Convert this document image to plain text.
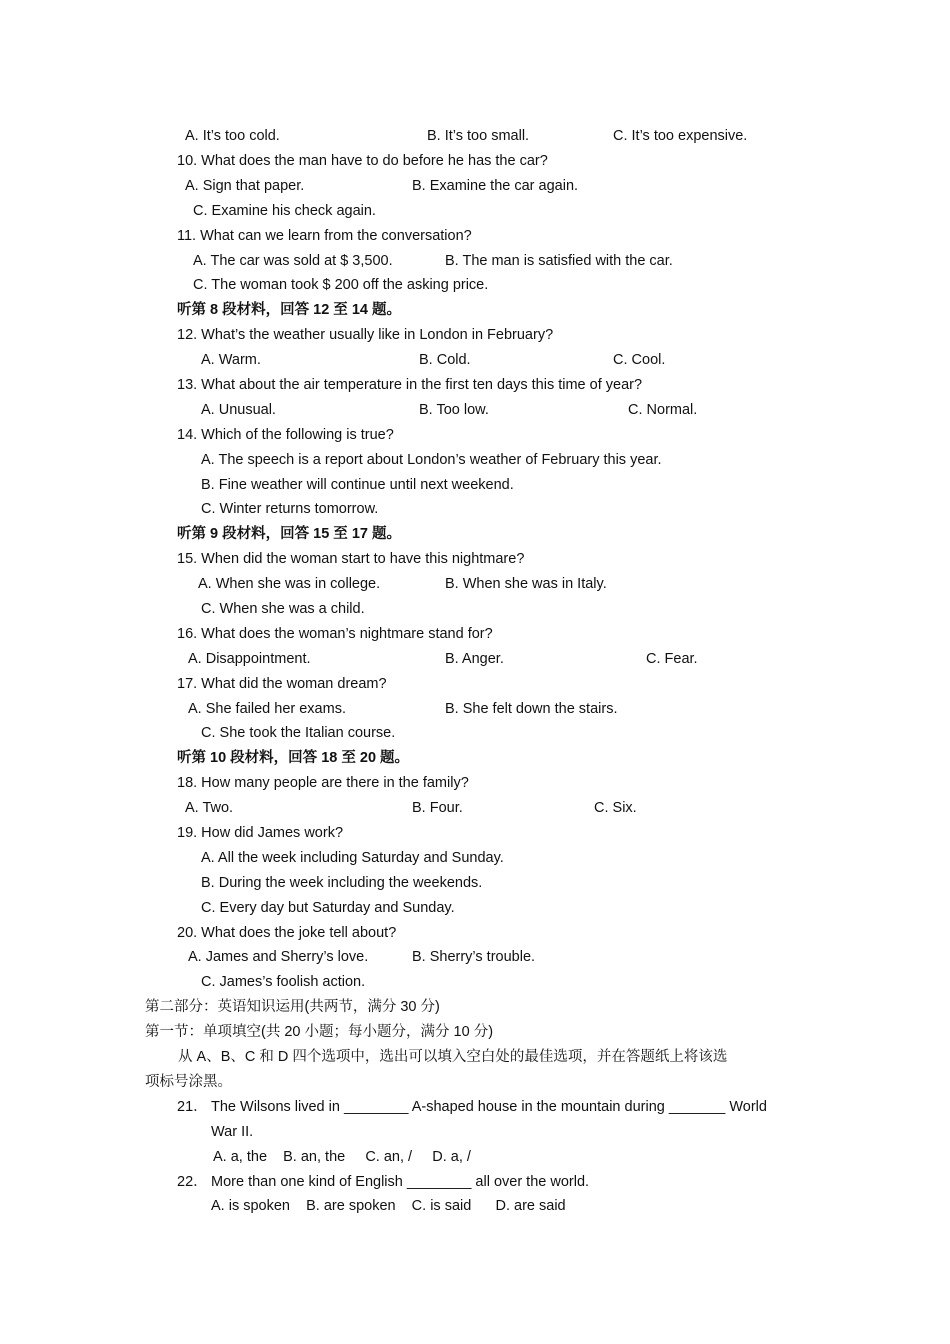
A. It’s too cold.	B. It’s too small.	C. It’s too expensive.
10. What does the man have to do before he has the car?
A. Sign that paper.	B. Examine the car again.
C. Examine his check again.
11. What can we learn from the conversation?
A. The car was sold at $ 3,500.	B. The man is satisfied with the car.
C. The woman took $ 200 off the asking price.
听第 8 段材料，回答 12 至 14 题。
12. What’s the weather usually like in London in February?
A. Warm.	B. Cold.	C. Cool.
13. What about the air temperature in the first ten days this time of year?
A. Unusual.	B. Too low.	C. Normal.
14. Which of the following is true?
A. The speech is a report about London’s weather of February this year.
B. Fine weather will continue until next weekend.
C. Winter returns tomorrow.
听第 9 段材料，回答 15 至 17 题。
15. When did the woman start to have this nightmare?
A. When she was in college.	B. When she was in Italy.
C. When she was a child.
16. What does the woman’s nightmare stand for?
A. Disappointment.	B. Anger.	C. Fear.
17. What did the woman dream?
A. She failed her exams.	B. She felt down the stairs.
C. She took the Italian course.
听第 10 段材料，回答 18 至 20 题。
18. How many people are there in the family?
A. Two.	B. Four.	C. Six.
19. How did James work?
A. All the week including Saturday and Sunday.
B. During the week including the weekends.
C. Every day but Saturday and Sunday.
20. What does the joke tell about?
A. James and Sherry’s love.	B. Sherry’s trouble.
C. James’s foolish action.
第二部分：英语知识运用(共两节，满分 30 分)
第一节：单项填空(共 20 小题；每小题分，满分 10 分)
从 A、B、C 和 D 四个选项中，选出可以填入空白处的最佳选项，并在答题纸上将该选
项标号涂黑。
21． The Wilsons lived in ________ A-shaped house in the mountain during _______ World
War II.
A. a, the    B. an, the     C. an, /     D. a, /
22． More than one kind of English ________ all over the world.
A. is spoken    B. are spoken    C. is said      D. are said
